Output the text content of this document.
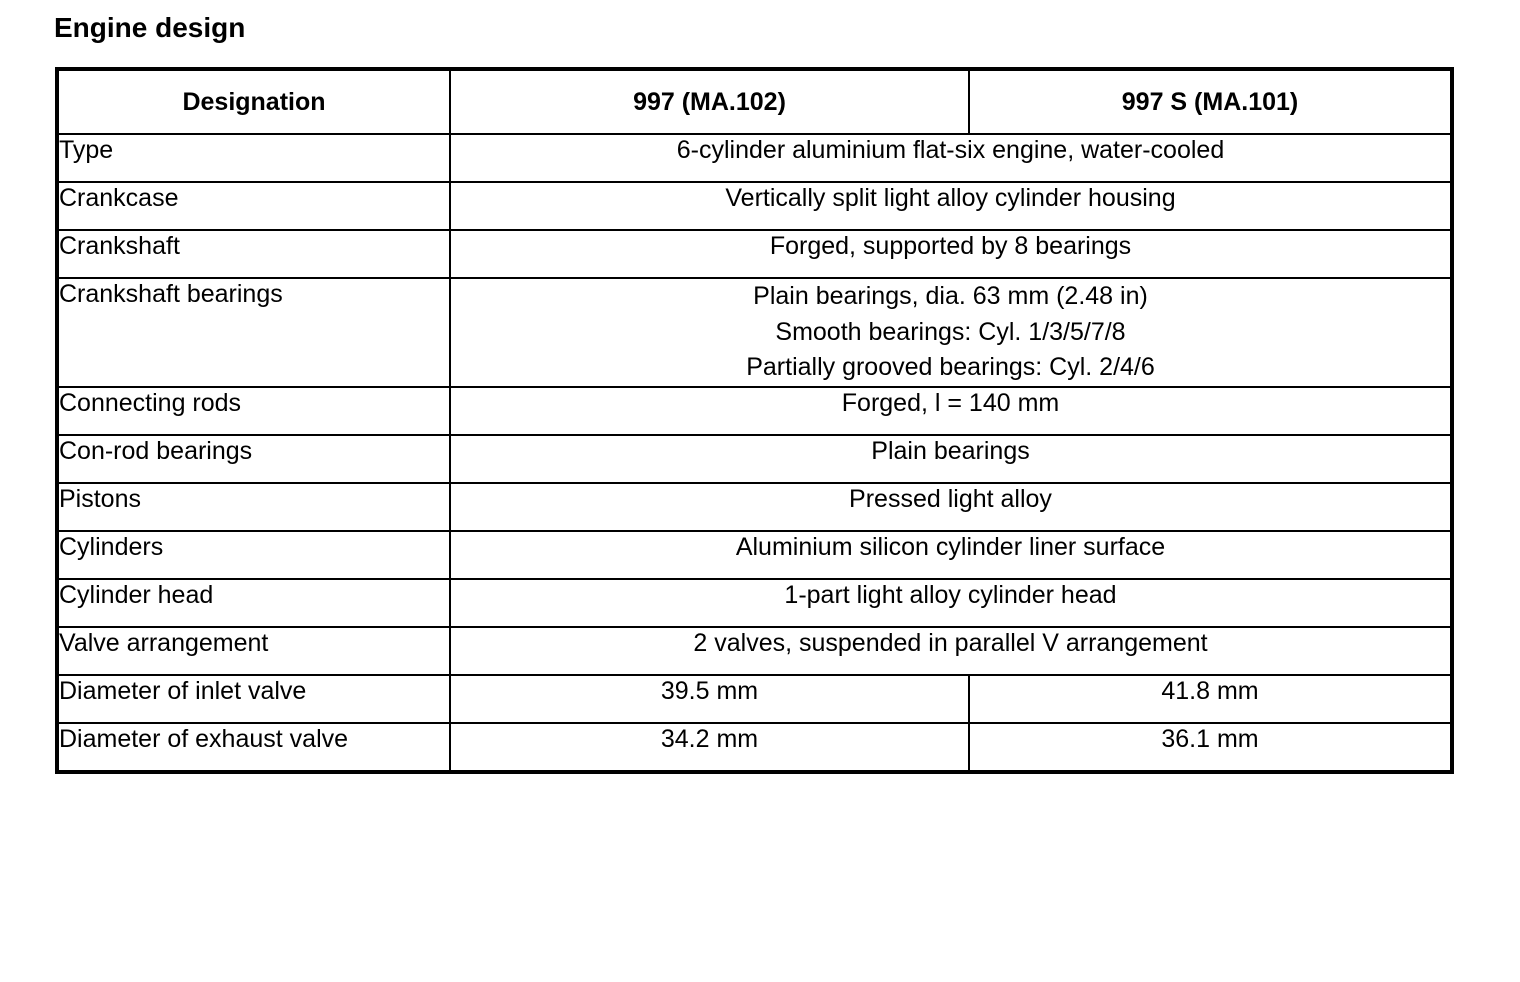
Engine design
Designation	997 (MA.102)	997 S (MA.101)
Type	6-cylinder aluminium flat-six engine, water-cooled	
Crankcase	Vertically split light alloy cylinder housing	
Crankshaft	Forged, supported by 8 bearings	
Crankshaft bearings	Plain bearings, dia. 63 mm (2.48 in)
Smooth bearings: Cyl. 1/3/5/7/8
Partially grooved bearings: Cyl. 2/4/6	

Connecting rods	Forged, l = 140 mm	
Con-rod bearings	Plain bearings	
Pistons	Pressed light alloy	
Cylinders	Aluminium silicon cylinder liner surface	
Cylinder head	1-part light alloy cylinder head	
Valve arrangement	2 valves, suspended in parallel V arrangement	
Diameter of inlet valve	39.5 mm	41.8 mm
Diameter of exhaust valve	34.2 mm	36.1 mm
